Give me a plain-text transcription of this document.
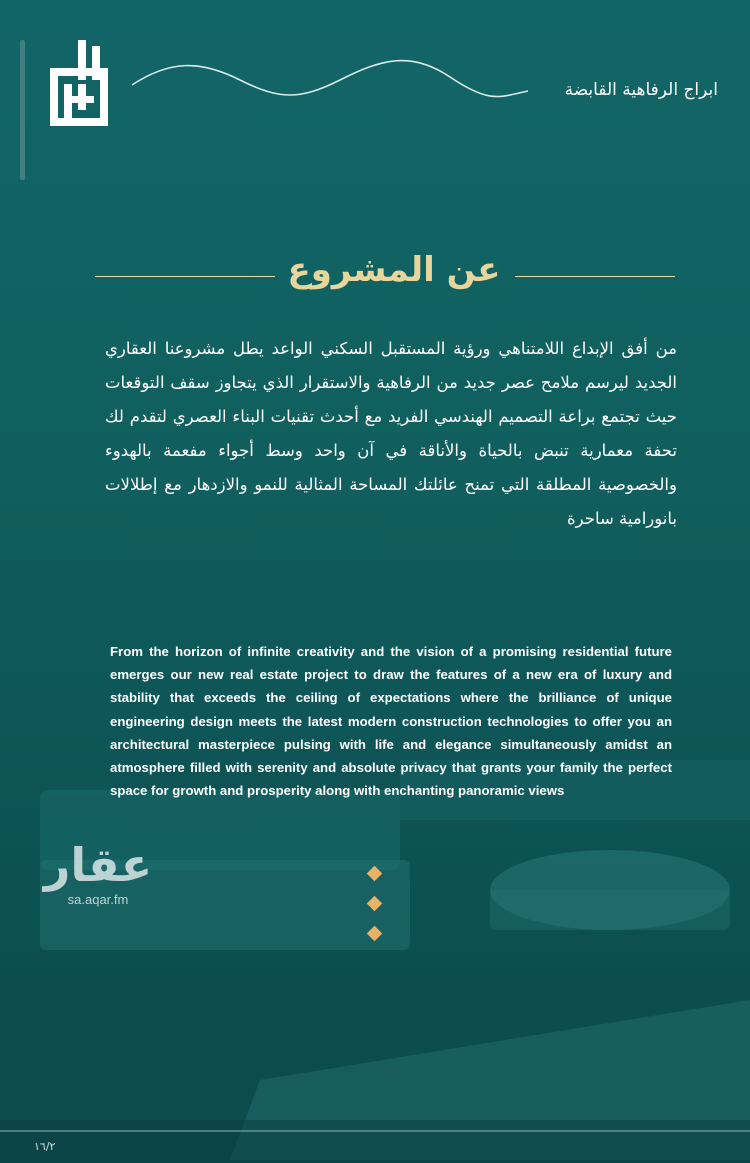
ابراج الرفاهية القابضة
عن المشروع
من أفق الإبداع اللامتناهي ورؤية المستقبل السكني الواعد يطل مشروعنا العقاري الجديد ليرسم ملامح عصر جديد من الرفاهية والاستقرار الذي يتجاوز سقف التوقعات حيث تجتمع براعة التصميم الهندسي الفريد مع أحدث تقنيات البناء العصري لتقدم لك تحفة معمارية تنبض بالحياة والأناقة في آن واحد وسط أجواء مفعمة بالهدوء والخصوصية المطلقة التي تمنح عائلتك المساحة المثالية للنمو والازدهار مع إطلالات بانورامية ساحرة
From the horizon of infinite creativity and the vision of a promising residential future emerges our new real estate project to draw the features of a new era of luxury and stability that exceeds the ceiling of expectations where the brilliance of unique engineering design meets the latest modern construction technologies to offer you an architectural masterpiece pulsing with life and elegance simultaneously amidst an atmosphere filled with serenity and absolute privacy that grants your family the perfect space for growth and prosperity along with enchanting panoramic views
عقار
sa.aqar.fm
١٦/٢
